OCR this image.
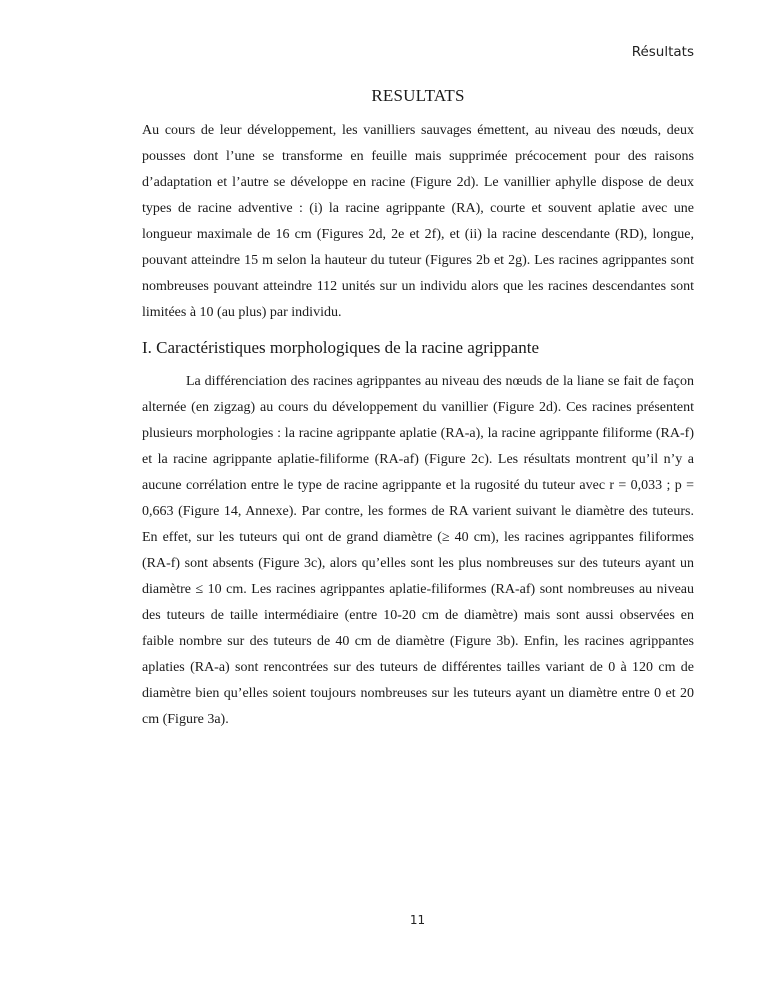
Résultats
RESULTATS

Au cours de leur développement, les vanilliers sauvages émettent, au niveau des nœuds, deux pousses dont l’une se transforme en feuille mais supprimée précocement pour des raisons d’adaptation et l’autre se développe en racine (Figure 2d). Le vanillier aphylle dispose de deux types de racine adventive : (i) la racine agrippante (RA), courte et souvent aplatie avec une longueur maximale de 16 cm (Figures 2d, 2e et 2f), et (ii) la racine descendante (RD), longue, pouvant atteindre 15 m selon la hauteur du tuteur (Figures 2b et 2g). Les racines agrippantes sont nombreuses pouvant atteindre 112 unités sur un individu alors que les racines descendantes sont limitées à 10 (au plus) par individu.

I. Caractéristiques morphologiques de la racine agrippante

La différenciation des racines agrippantes au niveau des nœuds de la liane se fait de façon alternée (en zigzag) au cours du développement du vanillier (Figure 2d). Ces racines présentent plusieurs morphologies : la racine agrippante aplatie (RA-a), la racine agrippante filiforme (RA-f) et la racine agrippante aplatie-filiforme (RA-af) (Figure 2c). Les résultats montrent qu’il n’y a aucune corrélation entre le type de racine agrippante et la rugosité du tuteur avec r = 0,033 ; p = 0,663 (Figure 14, Annexe). Par contre, les formes de RA varient suivant le diamètre des tuteurs. En effet, sur les tuteurs qui ont de grand diamètre (≥ 40 cm), les racines agrippantes filiformes (RA-f) sont absents (Figure 3c), alors qu’elles sont les plus nombreuses sur des tuteurs ayant un diamètre ≤ 10 cm. Les racines agrippantes aplatie-filiformes (RA-af) sont nombreuses au niveau des tuteurs de taille intermédiaire (entre 10-20 cm de diamètre) mais sont aussi observées en faible nombre sur des tuteurs de 40 cm de diamètre (Figure 3b). Enfin, les racines agrippantes aplaties (RA-a) sont rencontrées sur des tuteurs de différentes tailles variant de 0 à 120 cm de diamètre bien qu’elles soient toujours nombreuses sur les tuteurs ayant un diamètre entre 0 et 20 cm (Figure 3a).

11
